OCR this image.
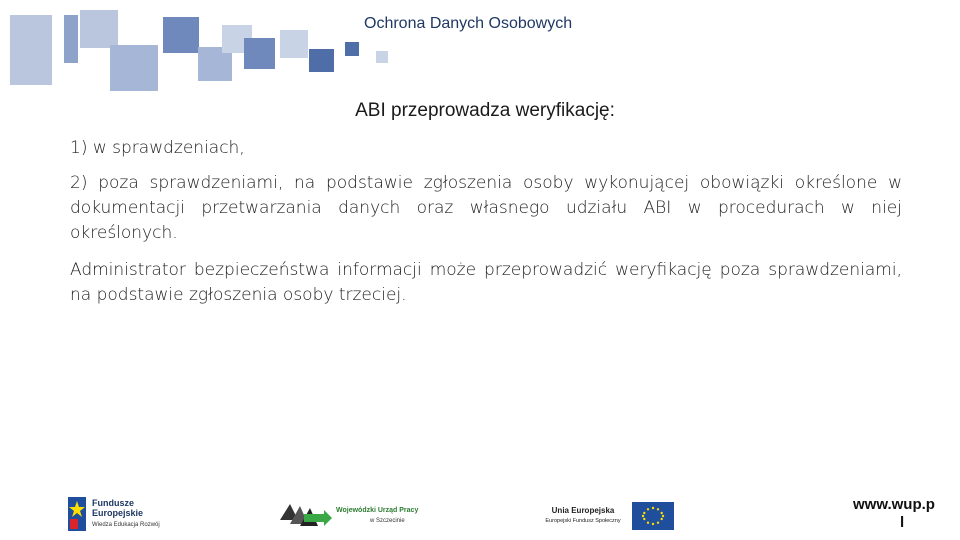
Ochrona Danych Osobowych
ABI przeprowadza weryfikację:
1) w sprawdzeniach,
2) poza sprawdzeniami, na podstawie zgłoszenia osoby wykonującej obowiązki określone w dokumentacji przetwarzania danych oraz własnego udziału ABI w procedurach w niej określonych.
Administrator bezpieczeństwa informacji może przeprowadzić weryfikację poza sprawdzeniami, na podstawie zgłoszenia osoby trzeciej.
Fundusze
Europejskie
Wiedza Edukacja Rozwój
Wojewódzki Urząd Pracy
w Szczecinie
Unia Europejska
Europejski Fundusz Społeczny
www.wup.p
l
